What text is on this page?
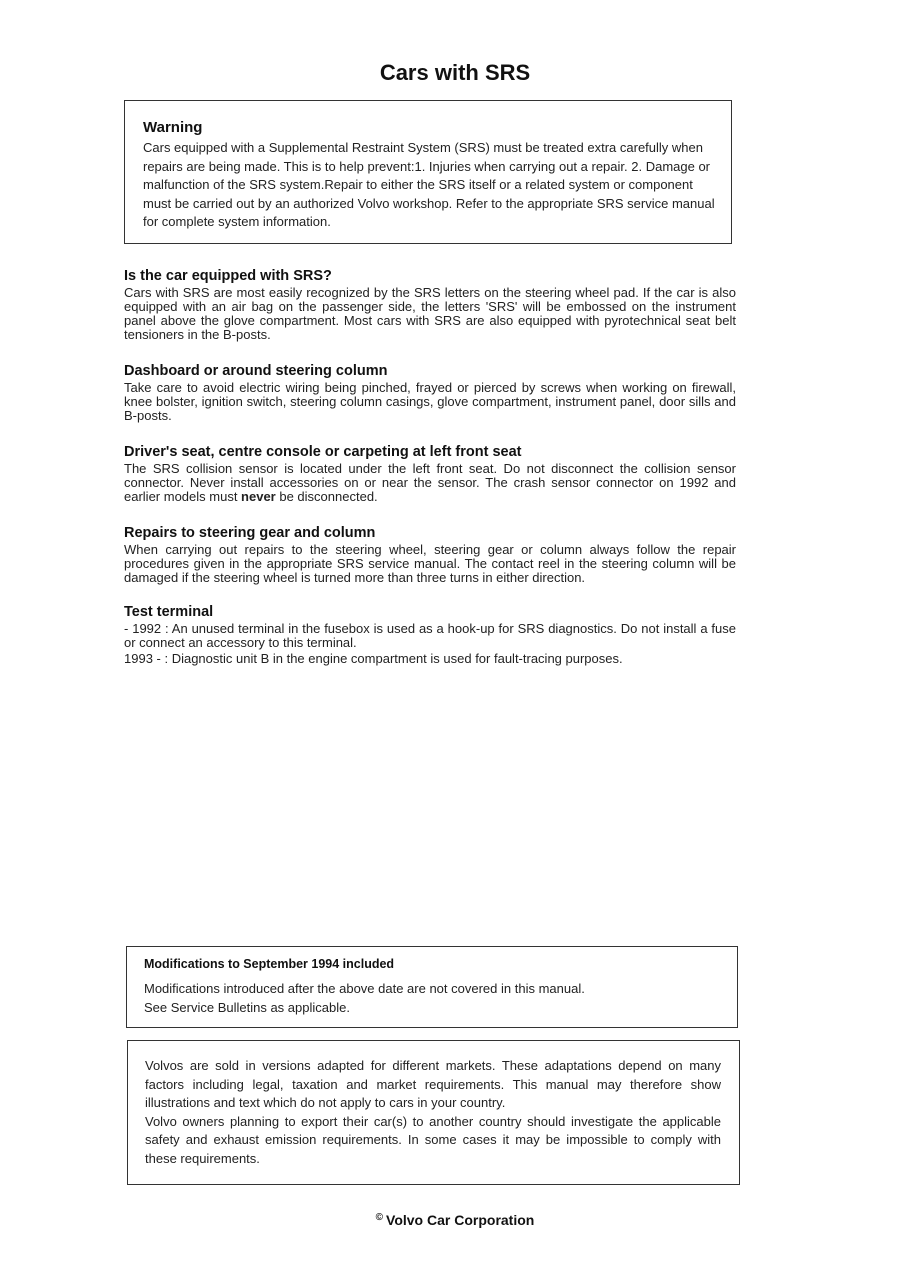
Cars with SRS
Warning

Cars equipped with a Supplemental Restraint System (SRS) must be treated extra carefully when repairs are being made. This is to help prevent:1. Injuries when carrying out a repair. 2. Damage or malfunction of the SRS system.Repair to either the SRS itself or a related system or component must be carried out by an authorized Volvo workshop. Refer to the appropriate SRS service manual for complete system information.

Is the car equipped with SRS?

Cars with SRS are most easily recognized by the SRS letters on the steering wheel pad. If the car is also equipped with an air bag on the passenger side, the letters 'SRS' will be embossed on the instrument panel above the glove compartment. Most cars with SRS are also equipped with pyrotechnical seat belt tensioners in the B-posts.

Dashboard or around steering column

Take care to avoid electric wiring being pinched, frayed or pierced by screws when working on firewall, knee bolster, ignition switch, steering column casings, glove compartment, instrument panel, door sills and B-posts.

Driver's seat, centre console or carpeting at left front seat

The SRS collision sensor is located under the left front seat. Do not disconnect the collision sensor connector. Never install accessories on or near the sensor. The crash sensor connector on 1992 and earlier models must never be disconnected.

Repairs to steering gear and column

When carrying out repairs to the steering wheel, steering gear or column always follow the repair procedures given in the appropriate SRS service manual. The contact reel in the steering column will be damaged if the steering wheel is turned more than three turns in either direction.

Test terminal

- 1992 : An unused terminal in the fusebox is used as a hook-up for SRS diagnostics. Do not install a fuse or connect an accessory to this terminal.

1993 - : Diagnostic unit B in the engine compartment is used for fault-tracing purposes.

Modifications to September 1994 included

Modifications introduced after the above date are not covered in this manual.

See Service Bulletins as applicable.

Volvos are sold in versions adapted for different markets. These adaptations depend on many factors including legal, taxation and market requirements. This manual may therefore show illustrations and text which do not apply to cars in your country.

Volvo owners planning to export their car(s) to another country should investigate the applicable safety and exhaust emission requirements. In some cases it may be impossible to comply with these requirements.

© Volvo Car Corporation
